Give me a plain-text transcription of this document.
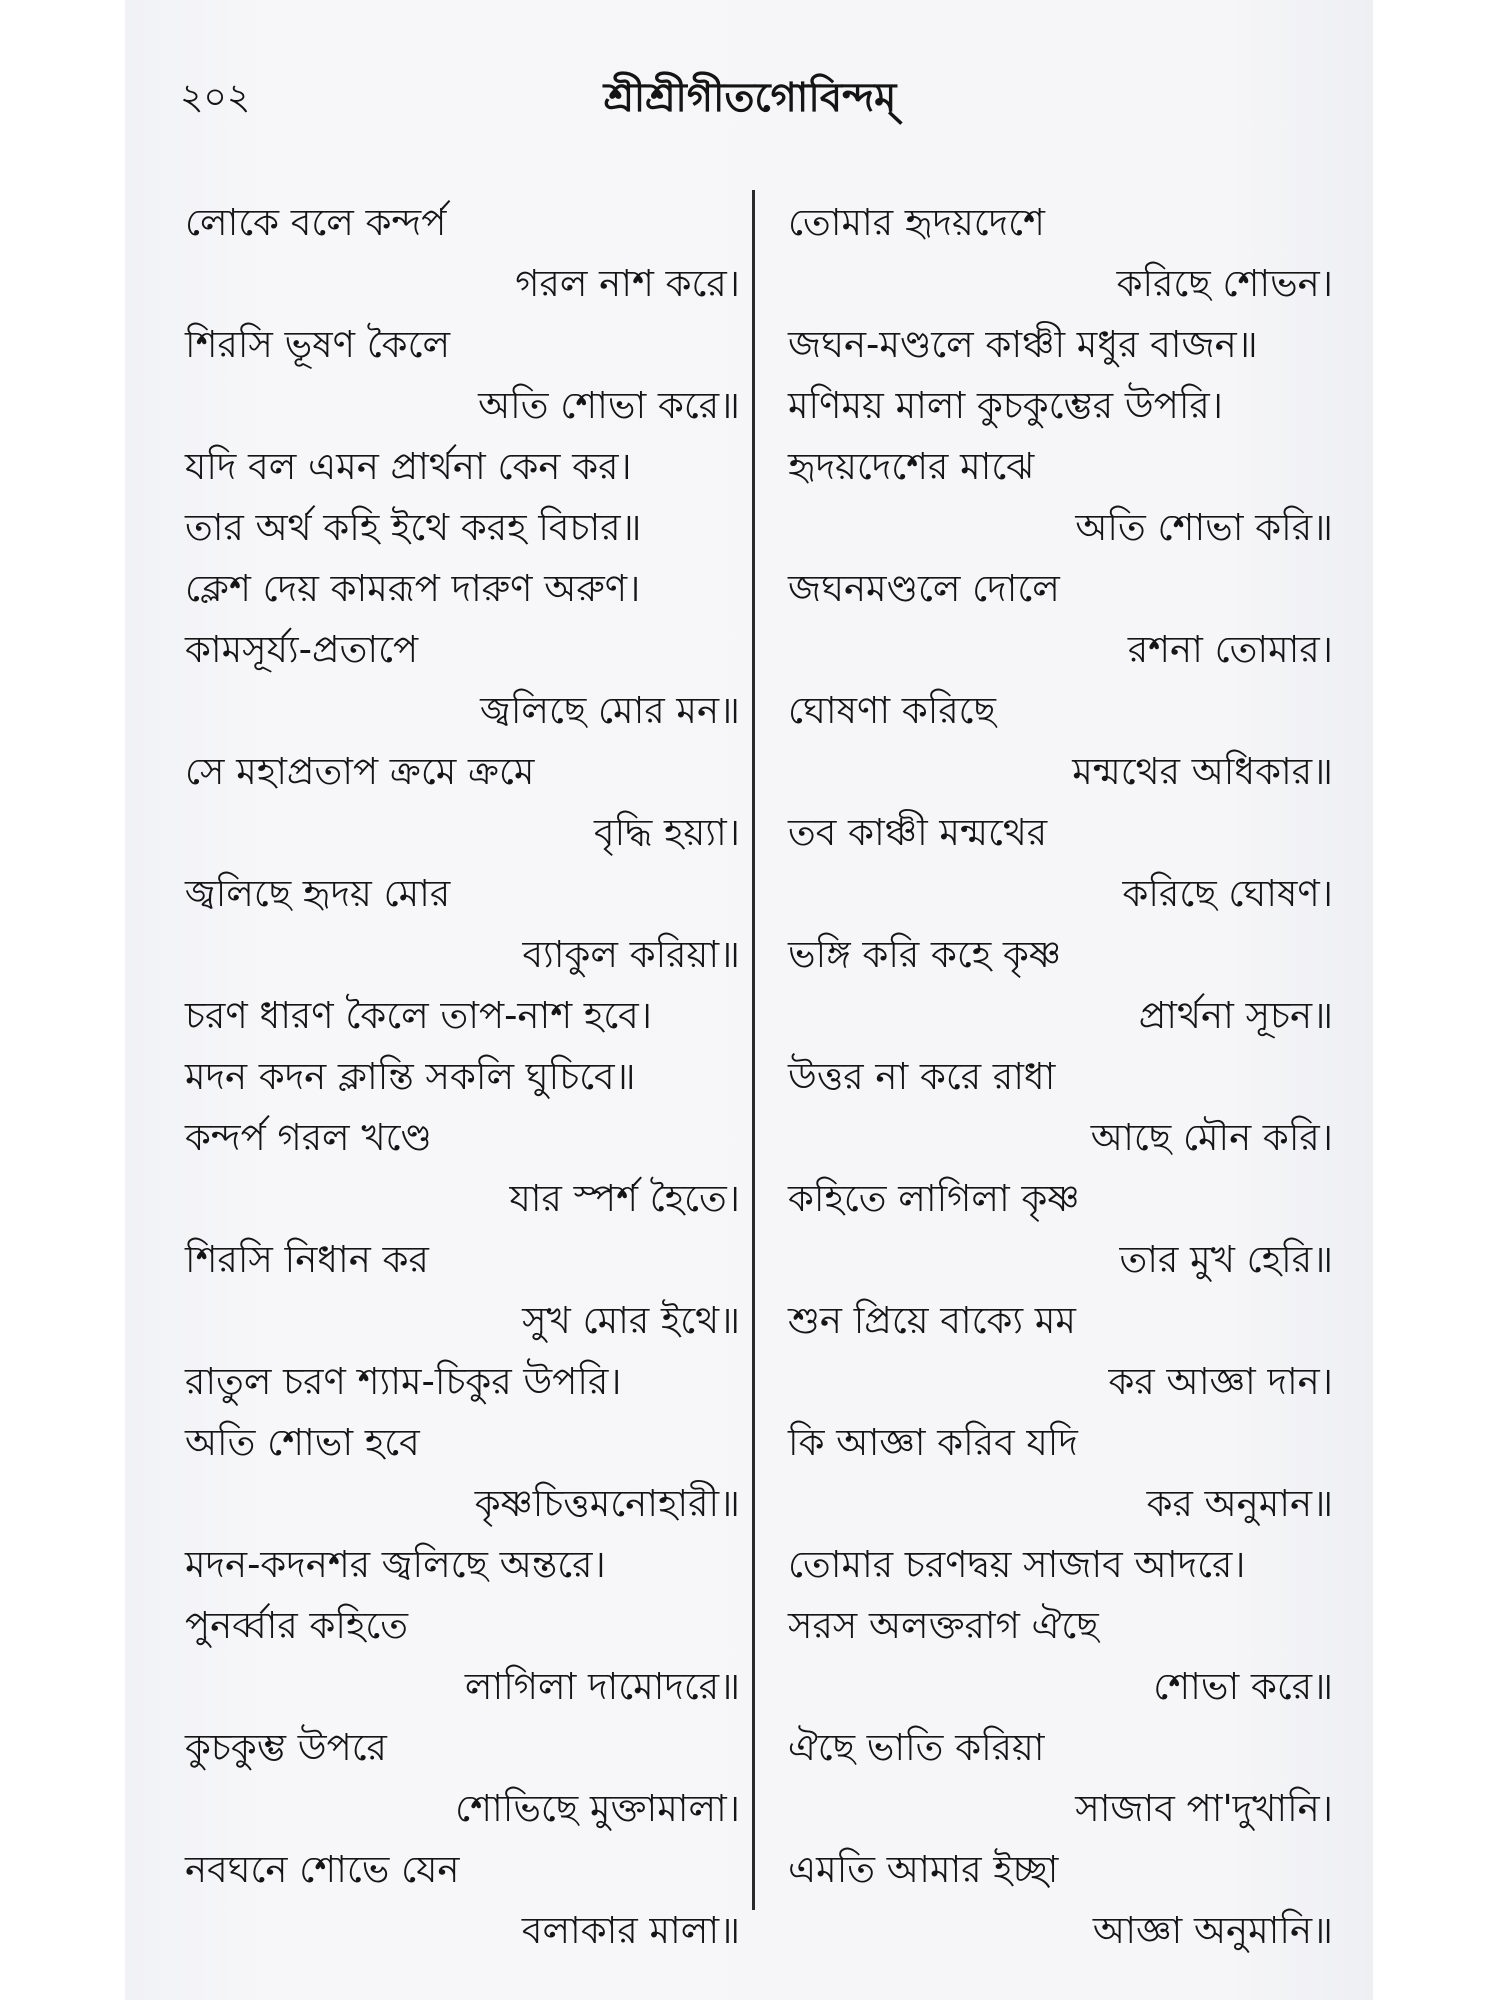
২০২	শ্রীশ্রীগীতগোবিন্দম্
লোকে বলে কন্দর্প
গরল নাশ করে।
শিরসি ভূষণ কৈলে
অতি শোভা করে॥
যদি বল এমন প্রার্থনা কেন কর।
তার অর্থ কহি ইথে করহ বিচার॥
ক্লেশ দেয় কামরূপ দারুণ অরুণ।
কামসূর্য্য-প্রতাপে
জ্বলিছে মোর মন॥
সে মহাপ্রতাপ ক্রমে ক্রমে
বৃদ্ধি হয়্যা।
জ্বলিছে হৃদয় মোর
ব্যাকুল করিয়া॥
চরণ ধারণ কৈলে তাপ-নাশ হবে।
মদন কদন ক্লান্তি সকলি ঘুচিবে॥
কন্দর্প গরল খণ্ডে
যার স্পর্শ হৈতে।
শিরসি নিধান কর
সুখ মোর ইথে॥
রাতুল চরণ শ্যাম-চিকুর উপরি।
অতি শোভা হবে
কৃষ্ণচিত্তমনোহারী॥
মদন-কদনশর জ্বলিছে অন্তরে।
পুনর্ব্বার কহিতে
লাগিলা দামোদরে॥
কুচকুম্ভ উপরে
শোভিছে মুক্তামালা।
নবঘনে শোভে যেন
বলাকার মালা॥
তোমার হৃদয়দেশে
করিছে শোভন।
জঘন-মণ্ডলে কাঞ্চী মধুর বাজন॥
মণিময় মালা কুচকুম্ভের উপরি।
হৃদয়দেশের মাঝে
অতি শোভা করি॥
জঘনমণ্ডলে দোলে
রশনা তোমার।
ঘোষণা করিছে
মন্মথের অধিকার॥
তব কাঞ্চী মন্মথের
করিছে ঘোষণ।
ভঙ্গি করি কহে কৃষ্ণ
প্রার্থনা সূচন॥
উত্তর না করে রাধা
আছে মৌন করি।
কহিতে লাগিলা কৃষ্ণ
তার মুখ হেরি॥
শুন প্রিয়ে বাক্যে মম
কর আজ্ঞা দান।
কি আজ্ঞা করিব যদি
কর অনুমান॥
তোমার চরণদ্বয় সাজাব আদরে।
সরস অলক্তরাগ ঐছে
শোভা করে॥
ঐছে ভাতি করিয়া
সাজাব পা'দুখানি।
এমতি আমার ইচ্ছা
আজ্ঞা অনুমানি॥
